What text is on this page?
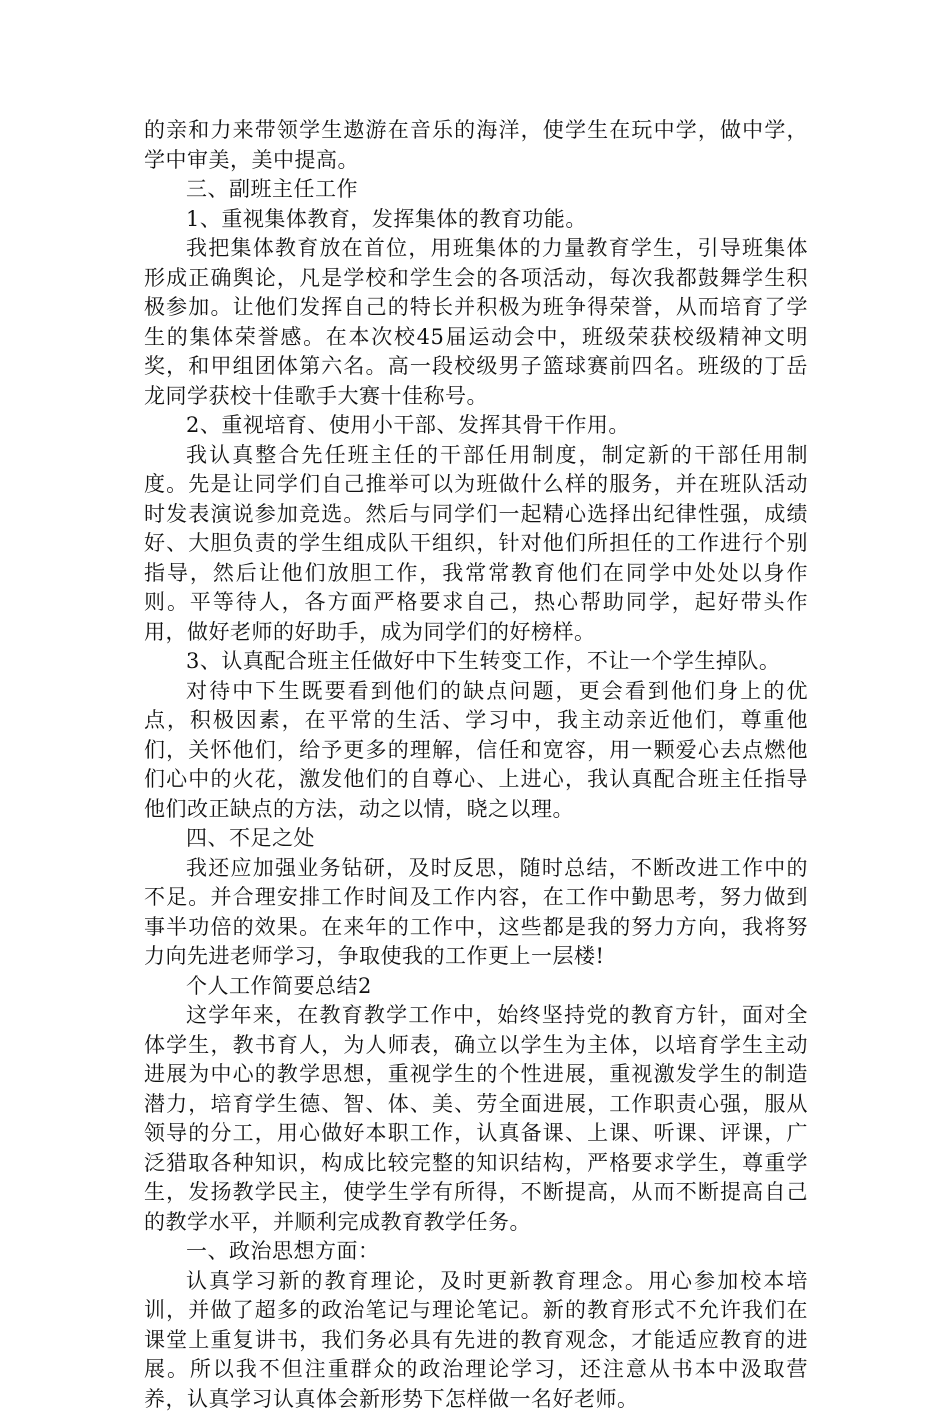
的亲和力来带领学生遨游在音乐的海洋，使学生在玩中学，做中学，学中审美，美中提高。

三、副班主任工作

1、重视集体教育，发挥集体的教育功能。

我把集体教育放在首位，用班集体的力量教育学生，引导班集体形成正确舆论，凡是学校和学生会的各项活动，每次我都鼓舞学生积极参加。让他们发挥自己的特长并积极为班争得荣誉，从而培育了学生的集体荣誉感。在本次校45届运动会中，班级荣获校级精神文明奖，和甲组团体第六名。高一段校级男子篮球赛前四名。班级的丁岳龙同学获校十佳歌手大赛十佳称号。

2、重视培育、使用小干部、发挥其骨干作用。

我认真整合先任班主任的干部任用制度，制定新的干部任用制度。先是让同学们自己推举可以为班做什么样的服务，并在班队活动时发表演说参加竞选。然后与同学们一起精心选择出纪律性强，成绩好、大胆负责的学生组成队干组织，针对他们所担任的工作进行个别指导，然后让他们放胆工作，我常常教育他们在同学中处处以身作则。平等待人，各方面严格要求自己，热心帮助同学，起好带头作用，做好老师的好助手，成为同学们的好榜样。

3、认真配合班主任做好中下生转变工作，不让一个学生掉队。

对待中下生既要看到他们的缺点问题，更会看到他们身上的优点，积极因素，在平常的生活、学习中，我主动亲近他们，尊重他们，关怀他们，给予更多的理解，信任和宽容，用一颗爱心去点燃他们心中的火花，激发他们的自尊心、上进心，我认真配合班主任指导他们改正缺点的方法，动之以情，晓之以理。

四、不足之处

我还应加强业务钻研，及时反思，随时总结，不断改进工作中的不足。并合理安排工作时间及工作内容，在工作中勤思考，努力做到事半功倍的效果。在来年的工作中，这些都是我的努力方向，我将努力向先进老师学习，争取使我的工作更上一层楼!

个人工作简要总结2

这学年来，在教育教学工作中，始终坚持党的教育方针，面对全体学生，教书育人，为人师表，确立以学生为主体，以培育学生主动进展为中心的教学思想，重视学生的个性进展，重视激发学生的制造潜力，培育学生德、智、体、美、劳全面进展，工作职责心强，服从领导的分工，用心做好本职工作，认真备课、上课、听课、评课，广泛猎取各种知识，构成比较完整的知识结构，严格要求学生，尊重学生，发扬教学民主，使学生学有所得，不断提高，从而不断提高自己的教学水平，并顺利完成教育教学任务。

一、政治思想方面：

认真学习新的教育理论，及时更新教育理念。用心参加校本培训，并做了超多的政治笔记与理论笔记。新的教育形式不允许我们在课堂上重复讲书，我们务必具有先进的教育观念，才能适应教育的进展。所以我不但注重群众的政治理论学习，还注意从书本中汲取营养，认真学习认真体会新形势下怎样做一名好老师。
